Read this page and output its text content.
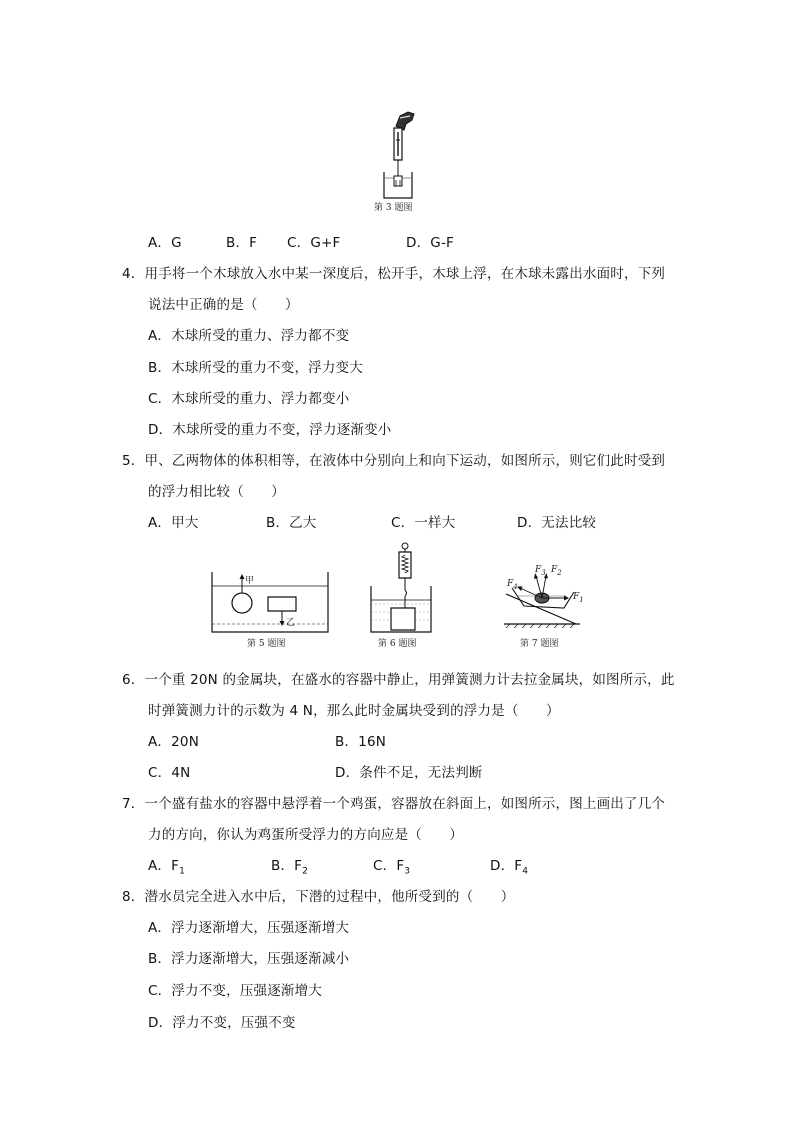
第 3 题图
A．G	B．F C．G+F	D．G-F
4．用手将一个木球放入水中某一深度后，松开手，木球上浮，在木球未露出水面时，下列
说法中正确的是（　　）
A．木球所受的重力、浮力都不变
B．木球所受的重力不变，浮力变大
C．木球所受的重力、浮力都变小
D．木球所受的重力不变，浮力逐渐变小
5．甲、乙两物体的体积相等，在液体中分别向上和向下运动，如图所示，则它们此时受到
的浮力相比较（　　）
A．甲大	B．乙大	C．一样大	D．无法比较
甲
乙
第 5 题图	第 6 题图
$F_3$ $F_2$
$F_4$
$F_1$
第 7 题图
6．一个重 20N 的金属块，在盛水的容器中静止，用弹簧测力计去拉金属块，如图所示，此
时弹簧测力计的示数为 4 N，那么此时金属块受到的浮力是（　　）
A．20N	B．16N
C．4N	D．条件不足，无法判断
7．一个盛有盐水的容器中悬浮着一个鸡蛋，容器放在斜面上，如图所示，图上画出了几个
力的方向，你认为鸡蛋所受浮力的方向应是（　　）
A．$F_1$	B．$F_2$	C．$F_3$	D．$F_4$
8．潜水员完全进入水中后，下潜的过程中，他所受到的（　　）
A．浮力逐渐增大，压强逐渐增大
B．浮力逐渐增大，压强逐渐减小
C．浮力不变，压强逐渐增大
D．浮力不变，压强不变
